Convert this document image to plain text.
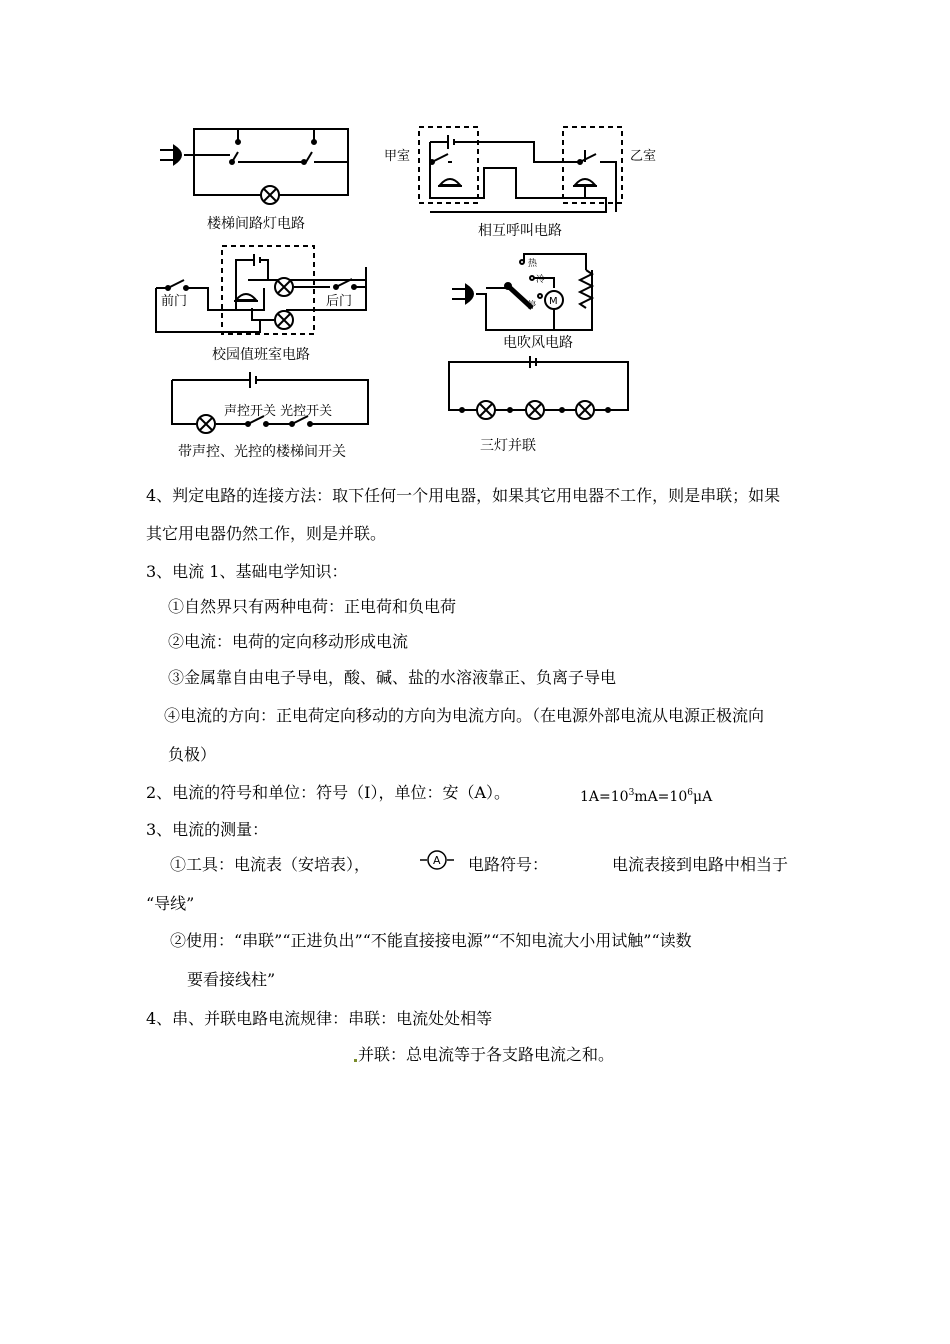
楼梯间路灯电路	相互呼叫电路
甲室	乙室
前门	后门
校园值班室电路
电吹风电路
热
冷
停 M
声控开关 光控开关
带声控、光控的楼梯间开关	三灯并联
4、判定电路的连接方法：取下任何一个用电器，如果其它用电器不工作，则是串联；如果
其它用电器仍然工作，则是并联。
3、电流 1、基础电学知识：
①自然界只有两种电荷：正电荷和负电荷
②电流：电荷的定向移动形成电流
③金属靠自由电子导电，酸、碱、盐的水溶液靠正、负离子导电
④电流的方向：正电荷定向移动的方向为电流方向。（在电源外部电流从电源正极流向
负极）
2、电流的符号和单位：符号（I），单位：安（A）。	$1A=10^3mA=10^6\mu A$
3、电流的测量：
①工具：电流表（安培表），	A 电路符号：	电流表接到电路中相当于
“导线”
②使用：“串联”“正进负出”“不能直接接电源”“不知电流大小用试触”“读数
要看接线柱”
4、串、并联电路电流规律：串联：电流处处相等
并联：总电流等于各支路电流之和。
